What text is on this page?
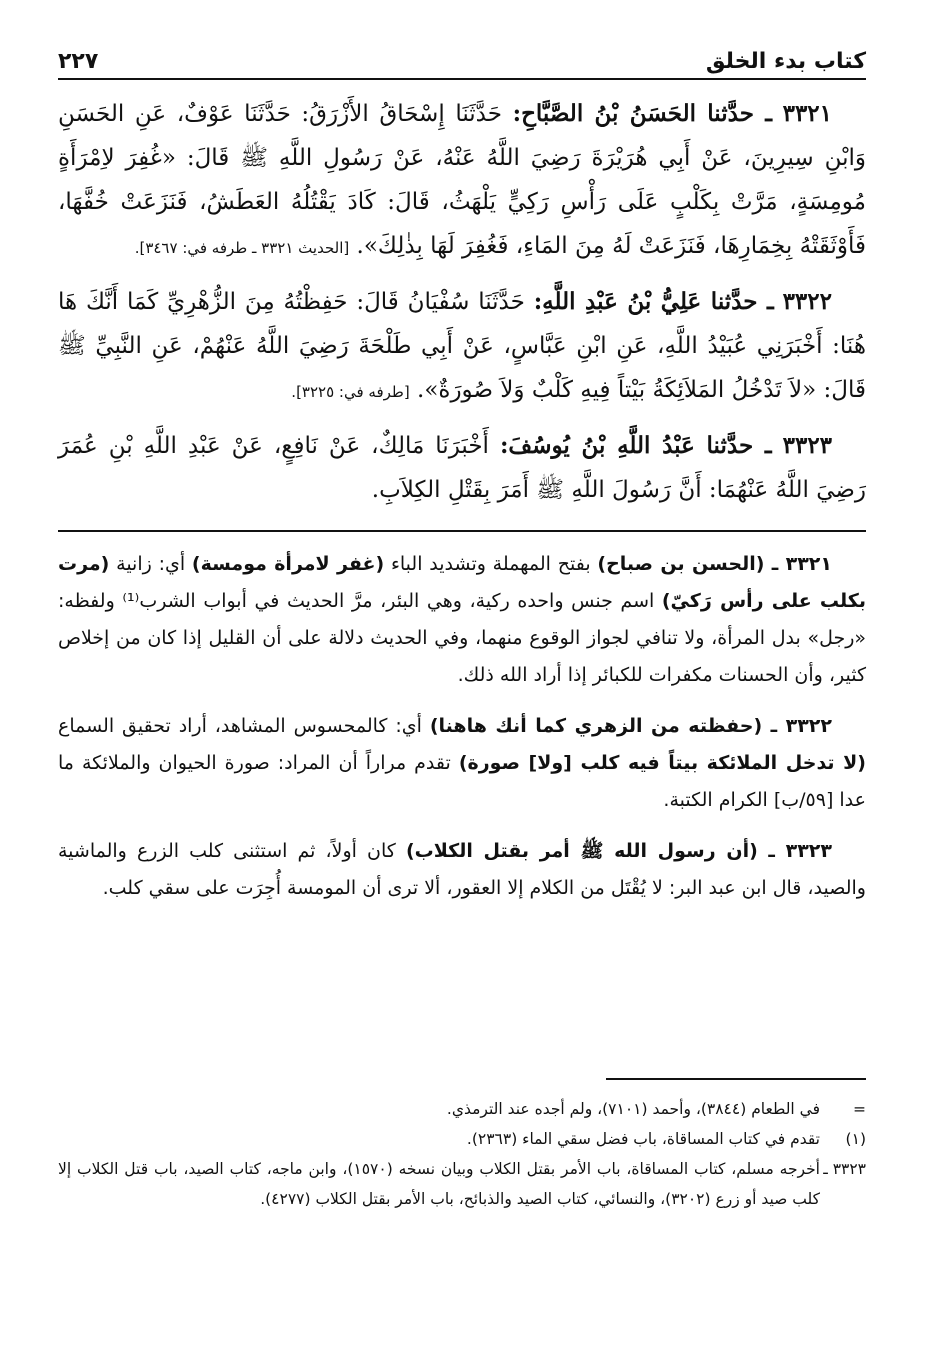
كتاب بدء الخلق
٢٢٧

٣٣٢١ ـ حدَّثنا الحَسَنُ بْنُ الصَّبَّاحِ: حَدَّثَنَا إِسْحَاقُ الأَزْرَقُ: حَدَّثَنَا عَوْفٌ، عَنِ الحَسَنِ وَابْنِ سِيرِينَ، عَنْ أَبِي هُرَيْرَةَ رَضِيَ اللَّهُ عَنْهُ، عَنْ رَسُولِ اللَّهِ ﷺ قَالَ: «غُفِرَ لاِمْرَأَةٍ مُومِسَةٍ، مَرَّتْ بِكَلْبٍ عَلَى رَأْسِ رَكِيٍّ يَلْهَثُ، قَالَ: كَادَ يَقْتُلُهُ العَطَشُ، فَنَزَعَتْ خُفَّهَا، فَأَوْثَقَتْهُ بِخِمَارِهَا، فَنَزَعَتْ لَهُ مِنَ المَاءِ، فَغُفِرَ لَهَا بِذٰلِكَ». [الحديث ٣٣٢١ ـ طرفه في: ٣٤٦٧].

٣٣٢٢ ـ حدَّثنا عَلِيُّ بْنُ عَبْدِ اللَّهِ: حَدَّثَنَا سُفْيَانُ قَالَ: حَفِظْتُهُ مِنَ الزُّهْرِيِّ كَمَا أَنَّكَ هَا هُنَا: أَخْبَرَنِي عُبَيْدُ اللَّهِ، عَنِ ابْنِ عَبَّاسٍ، عَنْ أَبِي طَلْحَةَ رَضِيَ اللَّهُ عَنْهُمْ، عَنِ النَّبِيِّ ﷺ قَالَ: «لاَ تَدْخُلُ المَلاَئِكَةُ بَيْتاً فِيهِ كَلْبٌ وَلاَ صُورَةٌ». [طرفه في: ٣٢٢٥].

٣٣٢٣ ـ حدَّثنا عَبْدُ اللَّهِ بْنُ يُوسُفَ: أَخْبَرَنَا مَالِكٌ، عَنْ نَافِعٍ، عَنْ عَبْدِ اللَّهِ بْنِ عُمَرَ رَضِيَ اللَّهُ عَنْهُمَا: أَنَّ رَسُولَ اللَّهِ ﷺ أَمَرَ بِقَتْلِ الكِلاَبِ.

٣٣٢١ ـ (الحسن بن صباح) بفتح المهملة وتشديد الباء (غفر لامرأة مومسة) أي: زانية (مرت بكلب على رأس رَكيّ) اسم جنس واحده ركية، وهي البئر، مرَّ الحديث في أبواب الشرب⁽¹⁾ ولفظه: «رجل» بدل المرأة، ولا تنافي لجواز الوقوع منهما، وفي الحديث دلالة على أن القليل إذا كان من إخلاص كثير، وأن الحسنات مكفرات للكبائر إذا أراد الله ذلك.

٣٣٢٢ ـ (حفظته من الزهري كما أنك هاهنا) أي: كالمحسوس المشاهد، أراد تحقيق السماع (لا تدخل الملائكة بيتاً فيه كلب [ولا] صورة) تقدم مراراً أن المراد: صورة الحيوان والملائكة ما عدا [٥٩/ب] الكرام الكتبة.

٣٣٢٣ ـ (أن رسول الله ﷺ أمر بقتل الكلاب) كان أولاً، ثم استثنى كلب الزرع والماشية والصيد، قال ابن عبد البر: لا يُقْتَل من الكلام إلا العقور، ألا ترى أن المومسة أُجِرَت على سقي كلب.

=
في الطعام (٣٨٤٤)، وأحمد (٧١٠١)، ولم أجده عند الترمذي.
(١)
تقدم في كتاب المساقاة، باب فضل سقي الماء (٢٣٦٣).
٣٣٢٣ ـ
أخرجه مسلم، كتاب المساقاة، باب الأمر بقتل الكلاب وبيان نسخه (١٥٧٠)، وابن ماجه، كتاب الصيد، باب قتل الكلاب إلا كلب صيد أو زرع (٣٢٠٢)، والنسائي، كتاب الصيد والذبائح، باب الأمر بقتل الكلاب (٤٢٧٧).
